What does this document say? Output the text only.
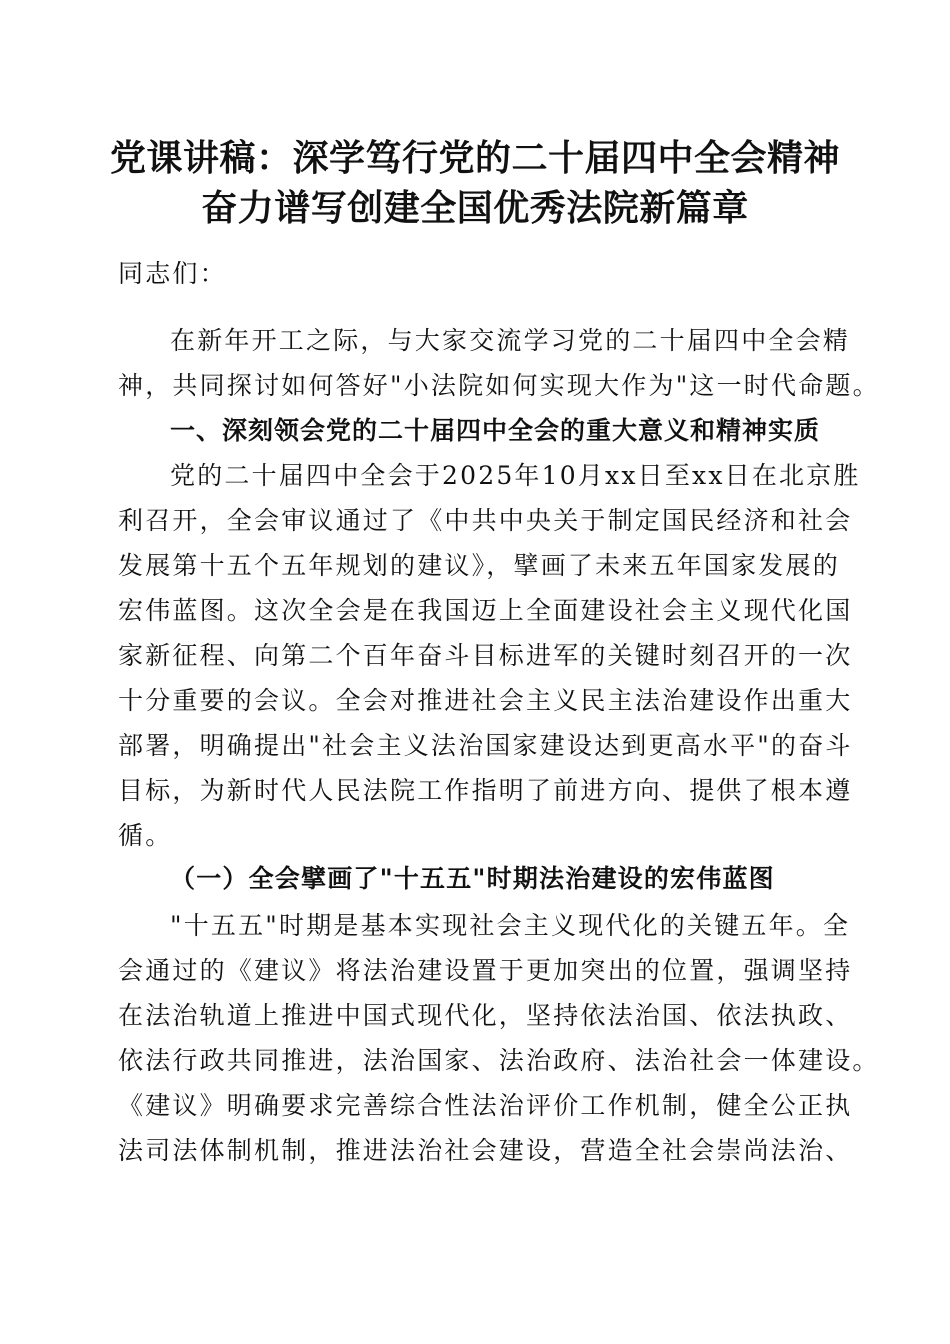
党课讲稿：深学笃行党的二十届四中全会精神
奋力谱写创建全国优秀法院新篇章
同志们：
在新年开工之际，与大家交流学习党的二十届四中全会精
神，共同探讨如何答好"小法院如何实现大作为"这一时代命题。
一、深刻领会党的二十届四中全会的重大意义和精神实质
党的二十届四中全会于2025年10月xx日至xx日在北京胜
利召开，全会审议通过了《中共中央关于制定国民经济和社会
发展第十五个五年规划的建议》，擘画了未来五年国家发展的
宏伟蓝图。这次全会是在我国迈上全面建设社会主义现代化国
家新征程、向第二个百年奋斗目标进军的关键时刻召开的一次
十分重要的会议。全会对推进社会主义民主法治建设作出重大
部署，明确提出"社会主义法治国家建设达到更高水平"的奋斗
目标，为新时代人民法院工作指明了前进方向、提供了根本遵
循。
（一）全会擘画了"十五五"时期法治建设的宏伟蓝图
"十五五"时期是基本实现社会主义现代化的关键五年。全
会通过的《建议》将法治建设置于更加突出的位置，强调坚持
在法治轨道上推进中国式现代化，坚持依法治国、依法执政、
依法行政共同推进，法治国家、法治政府、法治社会一体建设。
《建议》明确要求完善综合性法治评价工作机制，健全公正执
法司法体制机制，推进法治社会建设，营造全社会崇尚法治、
